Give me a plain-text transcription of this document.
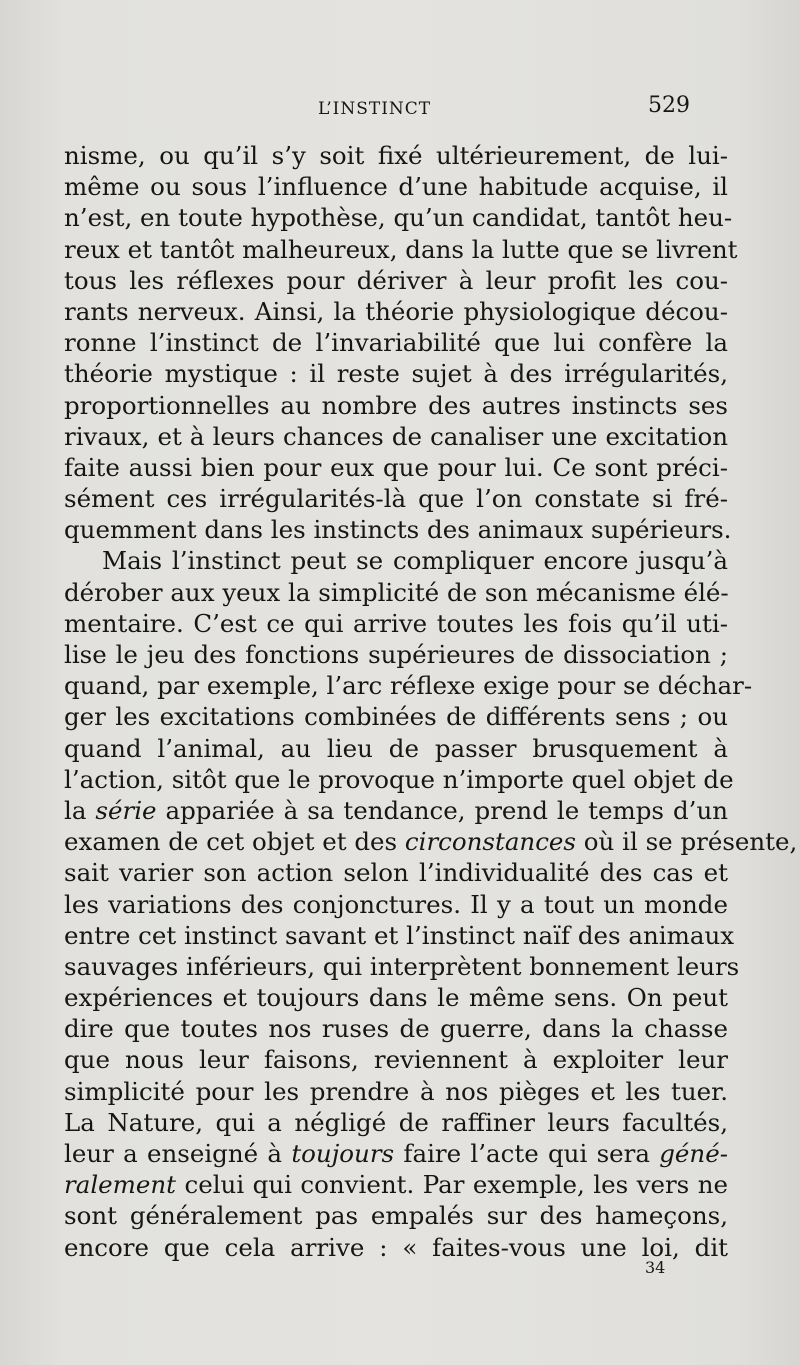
L’INSTINCT	529
nisme, ou qu’il s’y soit fixé ultérieurement, de lui-
même ou sous l’influence d’une habitude acquise, il
n’est, en toute hypothèse, qu’un candidat, tantôt heu-
reux et tantôt malheureux, dans la lutte que se livrent
tous les réflexes pour dériver à leur profit les cou-
rants nerveux. Ainsi, la théorie physiologique décou-
ronne l’instinct de l’invariabilité que lui confère la
théorie mystique : il reste sujet à des irrégularités,
proportionnelles au nombre des autres instincts ses
rivaux, et à leurs chances de canaliser une excitation
faite aussi bien pour eux que pour lui. Ce sont préci-
sément ces irrégularités-là que l’on constate si fré-
quemment dans les instincts des animaux supérieurs.
Mais l’instinct peut se compliquer encore jusqu’à
dérober aux yeux la simplicité de son mécanisme élé-
mentaire. C’est ce qui arrive toutes les fois qu’il uti-
lise le jeu des fonctions supérieures de dissociation ;
quand, par exemple, l’arc réflexe exige pour se déchar-
ger les excitations combinées de différents sens ; ou
quand l’animal, au lieu de passer brusquement à
l’action, sitôt que le provoque n’importe quel objet de
la série appariée à sa tendance, prend le temps d’un
examen de cet objet et des circonstances où il se présente,
sait varier son action selon l’individualité des cas et
les variations des conjonctures. Il y a tout un monde
entre cet instinct savant et l’instinct naïf des animaux
sauvages inférieurs, qui interprètent bonnement leurs
expériences et toujours dans le même sens. On peut
dire que toutes nos ruses de guerre, dans la chasse
que nous leur faisons, reviennent à exploiter leur
simplicité pour les prendre à nos pièges et les tuer.
La Nature, qui a négligé de raffiner leurs facultés,
leur a enseigné à toujours faire l’acte qui sera géné-
ralement celui qui convient. Par exemple, les vers ne
sont généralement pas empalés sur des hameçons,
encore que cela arrive : « faites-vous une loi, dit
34
